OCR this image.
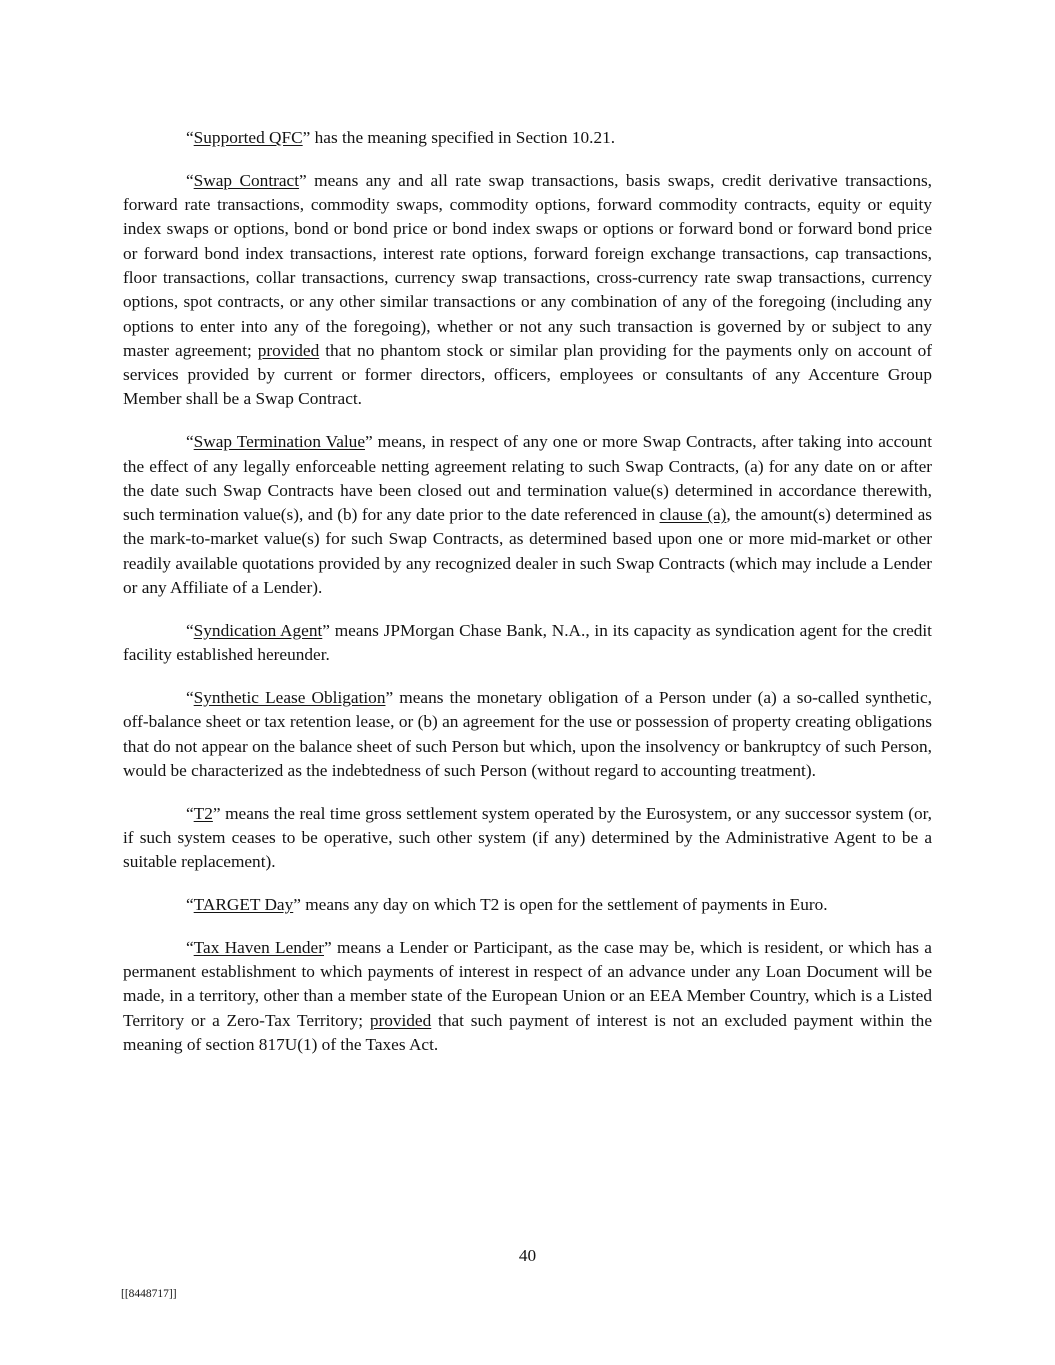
“Supported QFC” has the meaning specified in Section 10.21.

“Swap Contract” means any and all rate swap transactions, basis swaps, credit derivative transactions, forward rate transactions, commodity swaps, commodity options, forward commodity contracts, equity or equity index swaps or options, bond or bond price or bond index swaps or options or forward bond or forward bond price or forward bond index transactions, interest rate options, forward foreign exchange transactions, cap transactions, floor transactions, collar transactions, currency swap transactions, cross-currency rate swap transactions, currency options, spot contracts, or any other similar transactions or any combination of any of the foregoing (including any options to enter into any of the foregoing), whether or not any such transaction is governed by or subject to any master agreement; provided that no phantom stock or similar plan providing for the payments only on account of services provided by current or former directors, officers, employees or consultants of any Accenture Group Member shall be a Swap Contract.

“Swap Termination Value” means, in respect of any one or more Swap Contracts, after taking into account the effect of any legally enforceable netting agreement relating to such Swap Contracts, (a) for any date on or after the date such Swap Contracts have been closed out and termination value(s) determined in accordance therewith, such termination value(s), and (b) for any date prior to the date referenced in clause (a), the amount(s) determined as the mark-to-market value(s) for such Swap Contracts, as determined based upon one or more mid-market or other readily available quotations provided by any recognized dealer in such Swap Contracts (which may include a Lender or any Affiliate of a Lender).

“Syndication Agent” means JPMorgan Chase Bank, N.A., in its capacity as syndication agent for the credit facility established hereunder.

“Synthetic Lease Obligation” means the monetary obligation of a Person under (a) a so-called synthetic, off-balance sheet or tax retention lease, or (b) an agreement for the use or possession of property creating obligations that do not appear on the balance sheet of such Person but which, upon the insolvency or bankruptcy of such Person, would be characterized as the indebtedness of such Person (without regard to accounting treatment).

“T2” means the real time gross settlement system operated by the Eurosystem, or any successor system (or, if such system ceases to be operative, such other system (if any) determined by the Administrative Agent to be a suitable replacement).

“TARGET Day” means any day on which T2 is open for the settlement of payments in Euro.

“Tax Haven Lender” means a Lender or Participant, as the case may be, which is resident, or which has a permanent establishment to which payments of interest in respect of an advance under any Loan Document will be made, in a territory, other than a member state of the European Union or an EEA Member Country, which is a Listed Territory or a Zero-Tax Territory; provided that such payment of interest is not an excluded payment within the meaning of section 817U(1) of the Taxes Act.

40
[[8448717]]
